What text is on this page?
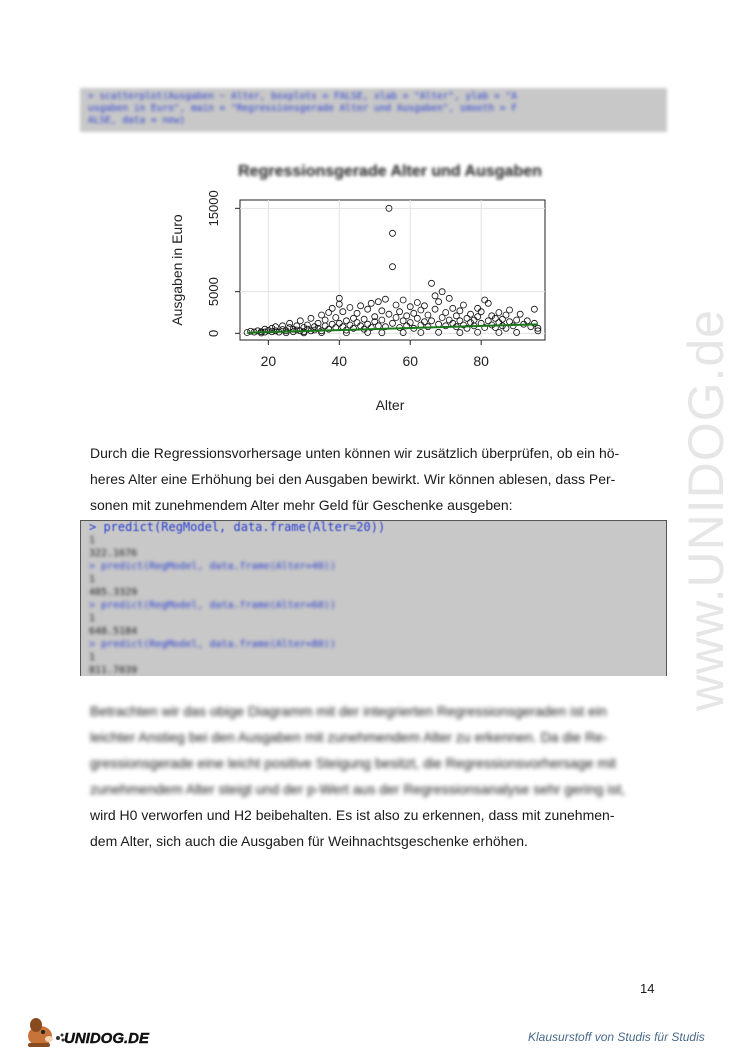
> scatterplot(Ausgaben ~ Alter, boxplots = FALSE, xlab = "Alter", ylab = "A
usgaben in Euro", main = "Regressionsgerade Alter und Ausgaben", smooth = F
ALSE, data = new)
Regressionsgerade Alter und Ausgaben
Ausgaben in Euro
Alter
20	40	60	80
0
5000
15000
Durch die Regressionsvorhersage unten können wir zusätzlich überprüfen, ob ein hö-
heres Alter eine Erhöhung bei den Ausgaben bewirkt. Wir können ablesen, dass Per-
sonen mit zunehmendem Alter mehr Geld für Geschenke ausgeben:
> predict(RegModel, data.frame(Alter=20))
1
322.1676
> predict(RegModel, data.frame(Alter=40))
1
485.3329
> predict(RegModel, data.frame(Alter=60))
1
648.5184
> predict(RegModel, data.frame(Alter=80))
1
811.7039
Betrachten wir das obige Diagramm mit der integrierten Regressionsgeraden ist ein
leichter Anstieg bei den Ausgaben mit zunehmendem Alter zu erkennen. Da die Re-
gressionsgerade eine leicht positive Steigung besitzt, die Regressionsvorhersage mit
zunehmendem Alter steigt und der p-Wert aus der Regressionsanalyse sehr gering ist,
wird H0 verworfen und H2 beibehalten. Es ist also zu erkennen, dass mit zunehmen-
dem Alter, sich auch die Ausgaben für Weihnachtsgeschenke erhöhen.
14
www.UNIDOG.de
UNIDOG.DE	Klausurstoff von Studis für Studis
